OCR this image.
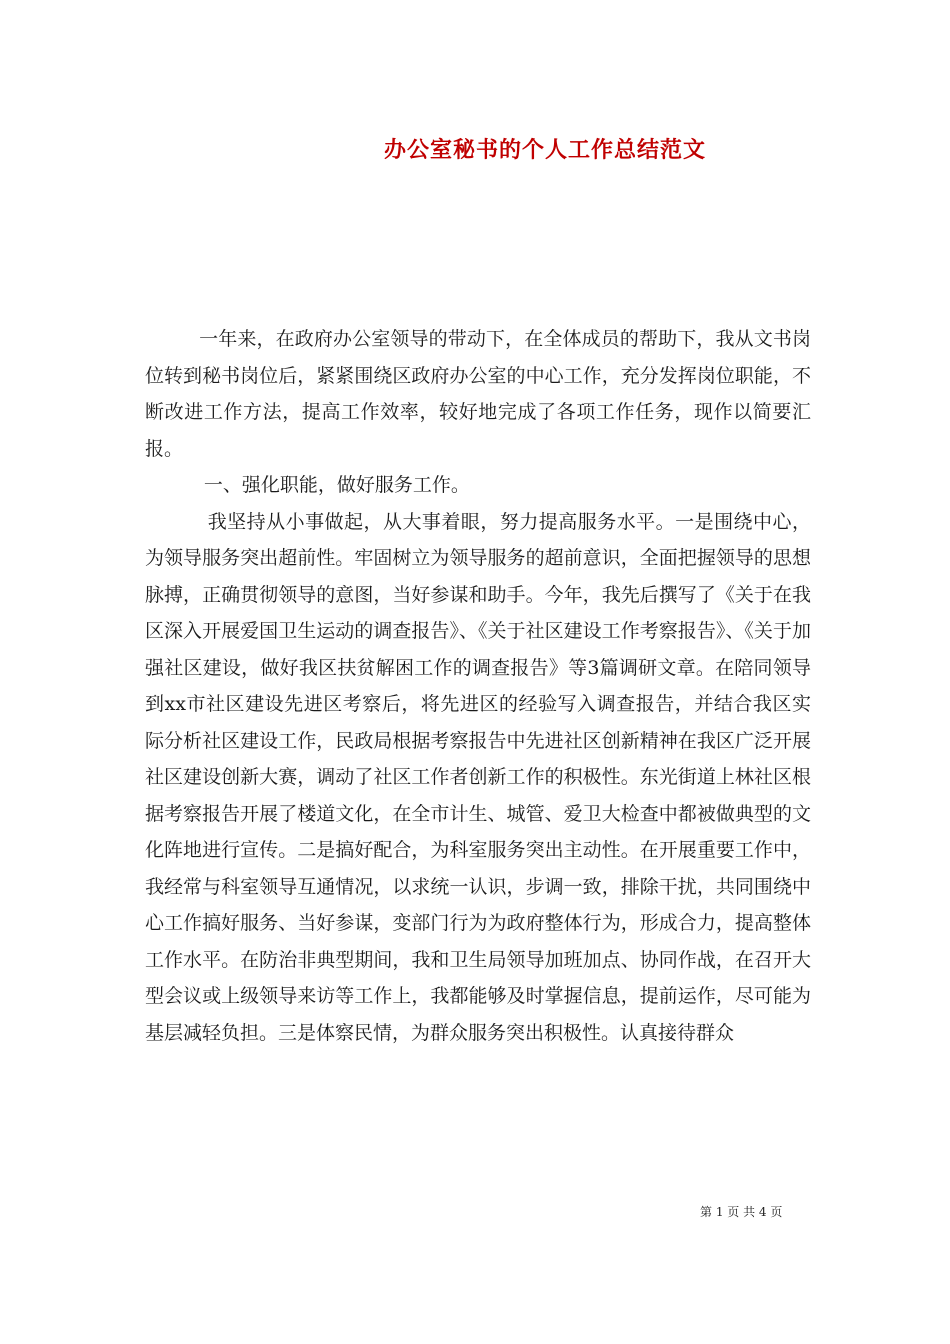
办公室秘书的个人工作总结范文

一年来，在政府办公室领导的带动下，在全体成员的帮助下，我从文书岗位转到秘书岗位后，紧紧围绕区政府办公室的中心工作，充分发挥岗位职能，不断改进工作方法，提高工作效率，较好地完成了各项工作任务，现作以简要汇报。

一、强化职能，做好服务工作。

我坚持从小事做起，从大事着眼，努力提高服务水平。一是围绕中心，为领导服务突出超前性。牢固树立为领导服务的超前意识，全面把握领导的思想脉搏，正确贯彻领导的意图，当好参谋和助手。今年，我先后撰写了《关于在我区深入开展爱国卫生运动的调查报告》、《关于社区建设工作考察报告》、《关于加强社区建设，做好我区扶贫解困工作的调查报告》等3篇调研文章。在陪同领导到xx市社区建设先进区考察后，将先进区的经验写入调查报告，并结合我区实际分析社区建设工作，民政局根据考察报告中先进社区创新精神在我区广泛开展社区建设创新大赛，调动了社区工作者创新工作的积极性。东光街道上林社区根据考察报告开展了楼道文化，在全市计生、城管、爱卫大检查中都被做典型的文化阵地进行宣传。二是搞好配合，为科室服务突出主动性。在开展重要工作中，我经常与科室领导互通情况，以求统一认识，步调一致，排除干扰，共同围绕中心工作搞好服务、当好参谋，变部门行为为政府整体行为，形成合力，提高整体工作水平。在防治非典型期间，我和卫生局领导加班加点、协同作战，在召开大型会议或上级领导来访等工作上，我都能够及时掌握信息，提前运作，尽可能为基层减轻负担。三是体察民情，为群众服务突出积极性。认真接待群众

第 1 页 共 4 页
